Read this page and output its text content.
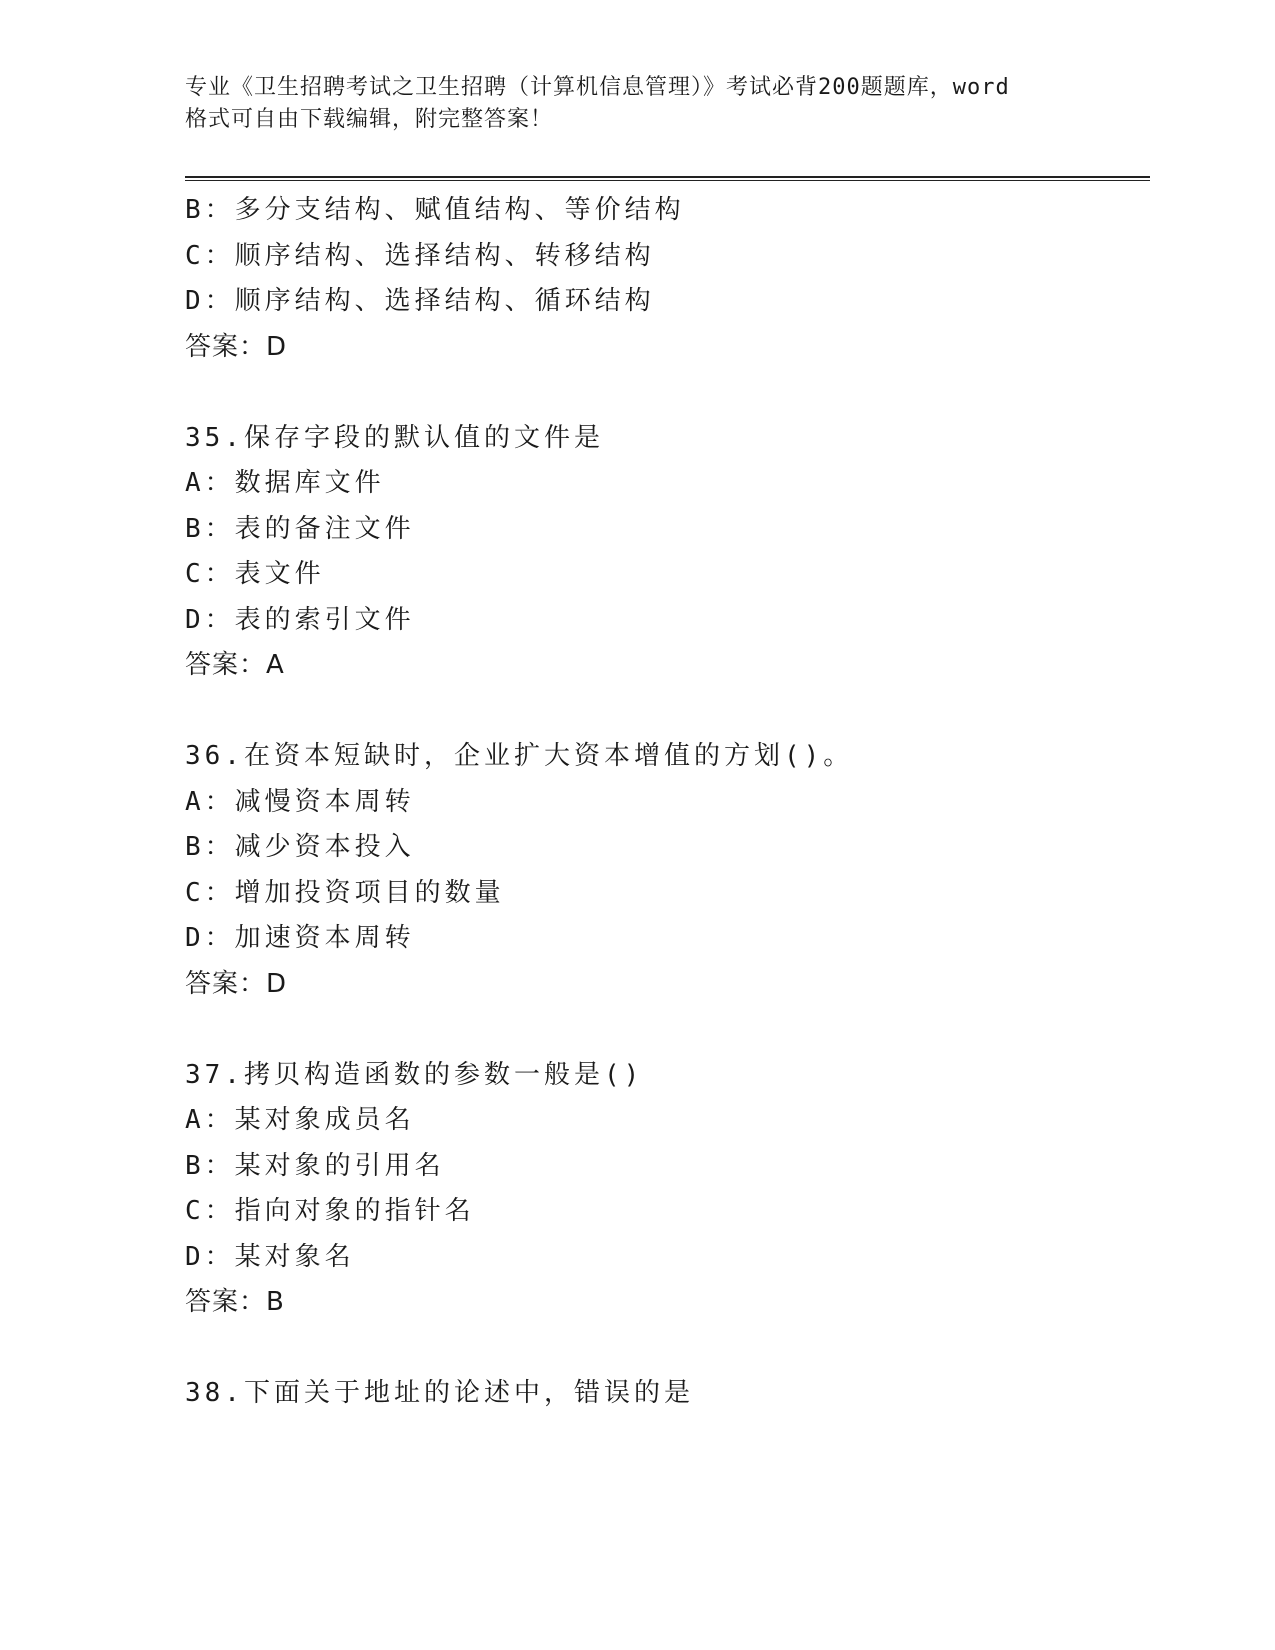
专业《卫生招聘考试之卫生招聘（计算机信息管理）》考试必背200题题库，word
格式可自由下载编辑，附完整答案！
B：多分支结构、赋值结构、等价结构
C：顺序结构、选择结构、转移结构
D：顺序结构、选择结构、循环结构
答案：D
35.保存字段的默认值的文件是
A：数据库文件
B：表的备注文件
C：表文件
D：表的索引文件
答案：A
36.在资本短缺时，企业扩大资本增值的方划()。
A：减慢资本周转
B：减少资本投入
C：增加投资项目的数量
D：加速资本周转
答案：D
37.拷贝构造函数的参数一般是()
A：某对象成员名
B：某对象的引用名
C：指向对象的指针名
D：某对象名
答案：B
38.下面关于地址的论述中，错误的是
